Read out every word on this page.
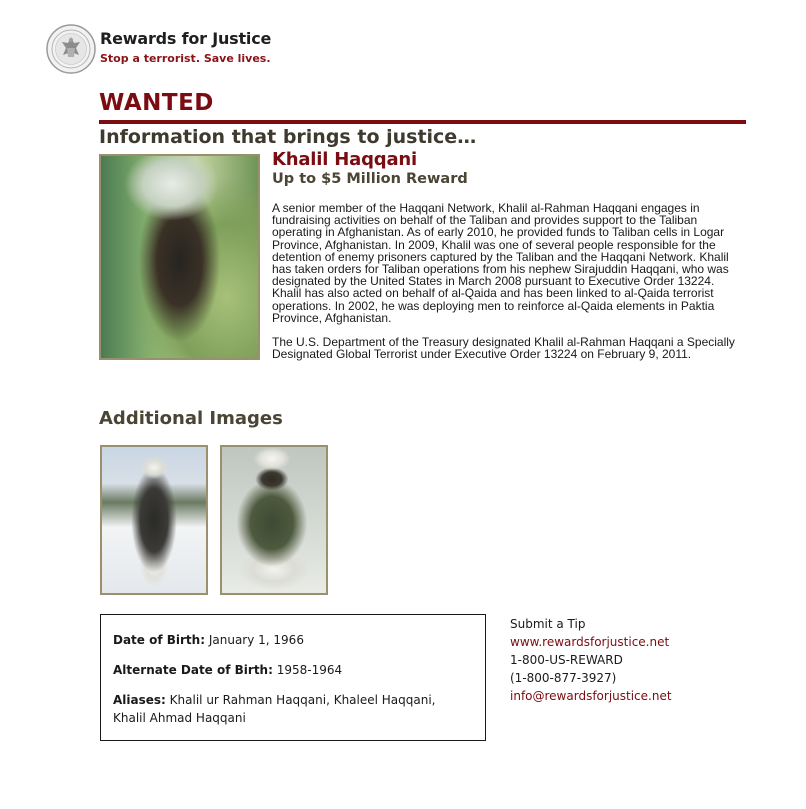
Rewards for Justice
Stop a terrorist. Save lives.
WANTED
Information that brings to justice…
Khalil Haqqani
Up to $5 Million Reward

A senior member of the Haqqani Network, Khalil al-Rahman Haqqani engages in fundraising activities on behalf of the Taliban and provides support to the Taliban operating in Afghanistan. As of early 2010, he provided funds to Taliban cells in Logar Province, Afghanistan. In 2009, Khalil was one of several people responsible for the detention of enemy prisoners captured by the Taliban and the Haqqani Network. Khalil has taken orders for Taliban operations from his nephew Sirajuddin Haqqani, who was designated by the United States in March 2008 pursuant to Executive Order 13224. Khalil has also acted on behalf of al-Qaida and has been linked to al-Qaida terrorist operations. In 2002, he was deploying men to reinforce al-Qaida elements in Paktia Province, Afghanistan.

The U.S. Department of the Treasury designated Khalil al-Rahman Haqqani a Specially Designated Global Terrorist under Executive Order 13224 on February 9, 2011.

Additional Images
Date of Birth: January 1, 1966
Alternate Date of Birth: 1958-1964
Aliases: Khalil ur Rahman Haqqani, Khaleel Haqqani, Khalil Ahmad Haqqani
Submit a Tip
www.rewardsforjustice.net
1-800-US-REWARD
(1-800-877-3927)
info@rewardsforjustice.net
